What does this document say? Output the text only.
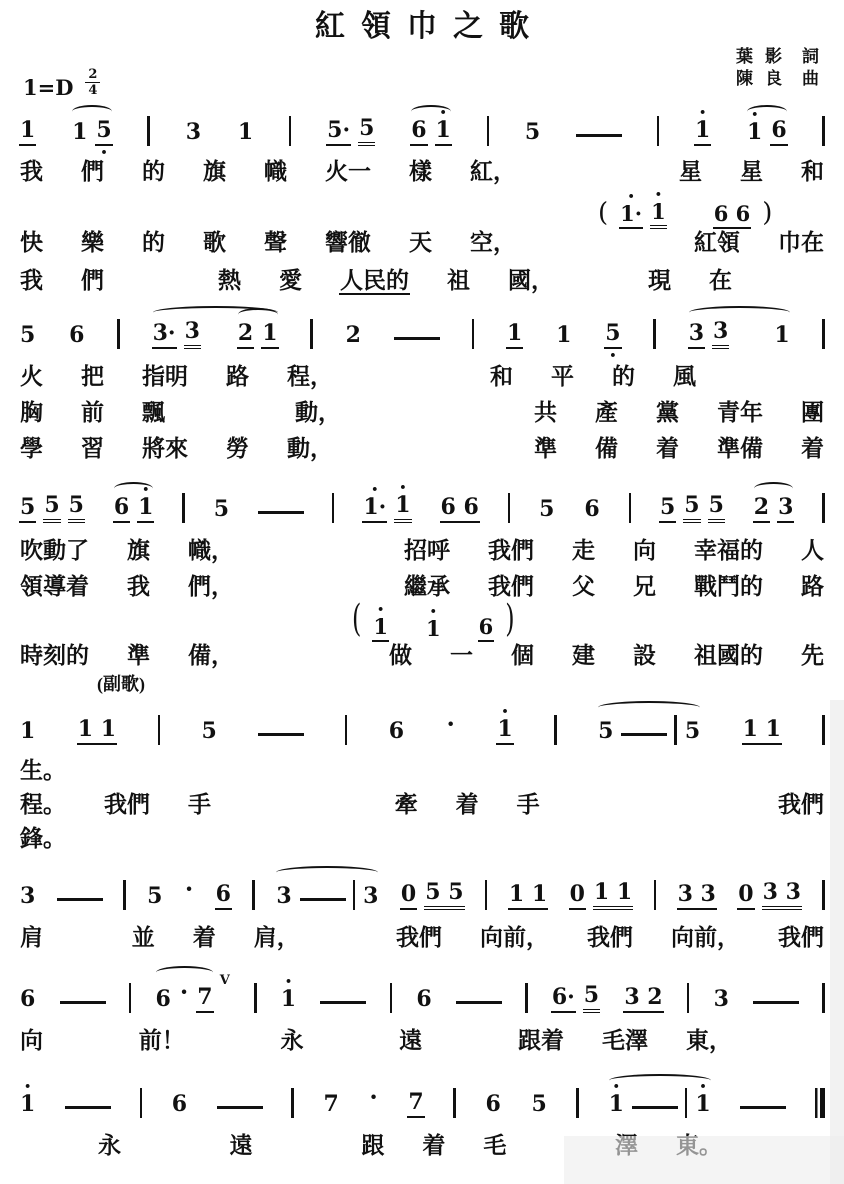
紅領巾之歌
$1=D \frac{2}{4}$
葉影 詞
陳良 曲
1 1 5 •	3 1	5· 5 6 • 1	5	• 1 • 1 6
我 們 的 旗 幟 火一 樣 紅，	星 星 和
( • 1· • 1 6 6 )
快 樂 的 歌 聲 響徹 天 空，	紅領 巾在
我 們	熱 愛 人民的 祖 國，	現 在
5 6	3· 3 2 1	2	1 1 5 •	3 3 1
火 把 指明 路 程，	和 平 的 風
胸 前 飄	動，	共 產 黨 青年 團
學 習 將來 勞 動，	準 備 着 準備 着
5 5 5 6 • 1	5	• 1· • 1 6 6	5 6	5 5 5 2 3
吹動了 旗 幟，	招呼 我們 走 向 幸福的 人
領導着 我 們，	繼承 我們 父 兄 戰鬥的 路
( • 1 • 1 6 )
時刻的 準 備，	做 一 個 建 設 祖國的 先
(副歌)
1 1 1	5	6 · • 1	5	5 1 1
生。
程。 我們 手	牽 着 手	我們
鋒。
3	5 · 6 3	3 0 5 5 1 1 0 1 1 3 3 0 3 3
肩	並 着 肩，	我們 向前， 我們 向前， 我們
6	6 · 7
V
• 1	6	6· 5 3 2 3
向	前！	永	遠	跟着 毛澤 東，
• 1	6	7 · 7	6 5	• 1	• 1
永	遠	跟 着 毛
